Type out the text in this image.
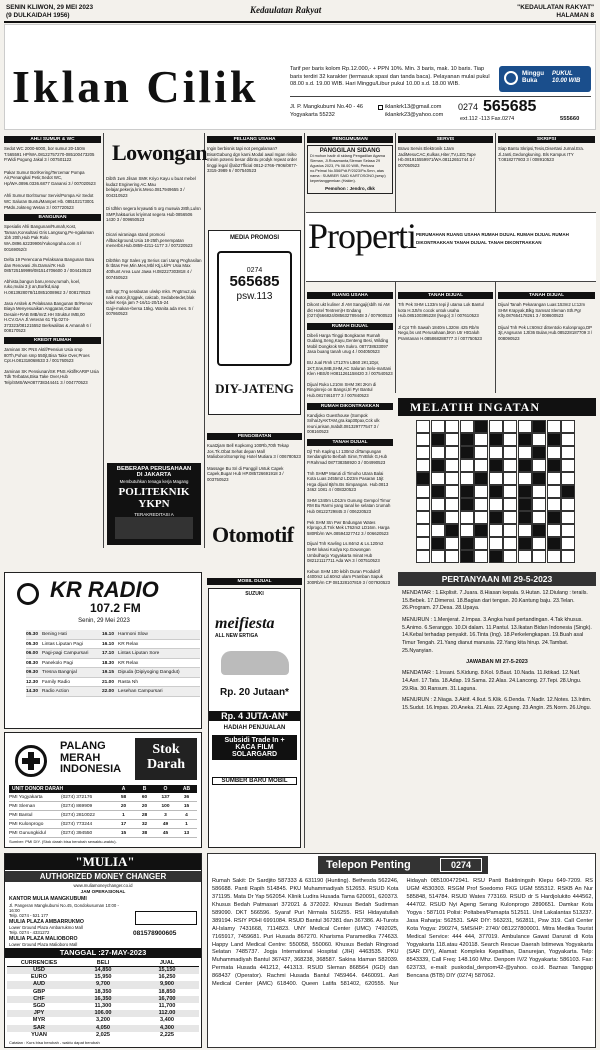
SENIN KLIWON, 29 MEI 2023
(9 DULKAIDAH 1956)
Kedaulatan Rakyat	"KEDAULATAN RAKYAT"
HALAMAN 8
Iklan Cilik	Tarif per baris kolom Rp.12.000,- + PPN 10%. Min. 3 baris, mak. 10 baris. Tiap baris terdiri 32 karakter (termasuk spasi dan tanda baca). Pelayanan mulai pukul 08.00 s.d. 19.00 WIB. Hari Minggu/Libur pukul 10.00 s.d. 18.00 WIB.
Minggu Buka
PUKUL 10.00 WIB
Jl. P. Mangkubumi No.40 - 46
Yogyakarta 55232
iklankrk13@gmail.com
iklankrk23@yahoo.com
0274 565685
ext.112 -113 Fax.0274	555660
AHLI SUMUR & WC
Sedot WC 2000-6000, bor sumur 20-150m T.565591 HP/WA.08122757270-085100473205 P.Widi Pogung Jakal 3 / 007501122
Pakar Sumur Bor/Kering/Tercemar Pompa Air,Penangkal Petir,Sedot WC, Hp/WA.0896.0336.6877 Ganansi 3 / 007020523
Ahli Sumur Bor/Sumur Servis/Pompa Air Sedot WC Saluran Buntu/Mampet Hb. 085102173001 PMdn.Jokteng Wetan 3 / 007720523
BANGUNAN
Spesialis Ahli Bangunan/Rumah,Kost, Taman,Konsultasi Gris Langsung,Pe-ngalaman 1bh 20th,Hub Pak Rolo WA.0896.62239906/Yukongraha.com 4 / 00169052/3
Delta 19 Perencana Pelaksana Bangunan Baru dan Renovasi Jln.Damai7K Hub 085725159999/081514706600 3 / 004410523
Abhista,bangun baru,renov,rumah, koel, ruko,mulai 3 jt an,Borlkd,siap H.0813928078/110851008962 3 / 008170523
Jasa Arsitek & Pelaksana Bangunan Br/Renov Biaya Menyesuaikan Anggaran,Gambar Desain+RAB IMB/mrZ.HH Struktur IMB,00 H.CV.GAA Jl.Veteran 61 Tlp.0274-373323/081215552 Berkwalitas & Amanah 6 / 008170523
KREDIT RUMAH
Jaminan SK PNS Aktif/Pensiun Usia smp 80Th,Pohon smp 550jt,Bisa Take Over,Proes Cpt.H.081318068633 3 / 001760523
Jaminan SK Pensiunan/SK PNS Aktif/KARIP Usia Tdk Terbatas,Bisa Take Over,Hub Telp/SMS/WA087738344441 3 / 004770523
Lowongan
Dibth 1wn Jilsan SMK Kriyo Kayu u buat mebel kuda2 Enginering AC.Mau belajar,pekerja,kris.Meso.0817949655 3 / 004310523
Di tdhkn segera kryawati 5 org muswia 28th,Lulsn SMP,hak&urius kriyimat segera Hub 0856506 1430 3 / 009650523
Dicari wiraniaga stand promosi Allbackground,Usia 18-25th,penempatan menerbit.Hub.0859-4211-1177 3 / 007220523
Dibthkn Sgr Sales yg Serius cari Uang Pnghasilan tk tbtas Fee,Min.Mes,Mbl Ktj,Lk/Pr Usia Max 40thunt Area Luar Jawa H.082227303818 4 / 007450523
Bth sgr,Tng serabutan u/wkp mkn. Pngtmu2,siu naik motor,jlr,tggwk, cakcab, Sedabetedet,blak tebel Kerja jam 7-16/11-20/15-24 Gaji+makan+bersa 15kg. Wanita ada mes. 5 / 007860523
BEBERAPA PERUSAHAAN
DI JAKARTA
Membutuhkan tenaga kerja Magang
POLITEKNIK YKPN
TERAKREDITASI A
KR RADIO
107.2 FM
Senin, 29 Mei 2023
05.30 Bening Hati	16.10 Harmoni Slow
05.30 Lintas Liputan Pagi	16.10 KR Relax
06.00 Pagi-pagi Campursari	17.10 Lintas Liputan Sore
08.30 Panekolo Pagi	18.30 KR Relax
09.30 Tresna Bangnjal	19.15 Dipuda (Dipiyoging Dangdut)
12.30 Family Radio	21.00 Rasta Nh
14.30 Radio Action	22.00 Lesehan Campursari
PALANG
MERAH
INDONESIA
Stok Darah
UNIT DONOR DARAH	A	B	O	AB
PMI Yogyakarta	(0274) 372176	58	60	137	36
PMI Sleman	(0274) 869909	20	20	100	15
PMI Bantul	(0274) 2810022	1	28	3	4
PMI Kulonprogo	(0274) 773244	17	32	49	1
PMI Gunungkidul	(0274) 394550	15	38	45	13
Sumber: PMI DIY. (Stok darah bisa berubah sewaktu-waktu).
"MULIA"
AUTHORIZED MONEY CHANGER
www.muliamoneychanger.co.id
JAM OPERASIONAL
KANTOR MULIA MANGKUBUMI
Jl. Pangeran Mangkubumi No.45, Gondokusuman 10:00 - 16:00
Telp. 0274 - 521 177
MULIA PLAZA AMBARRUKMO
Lower Ground Plaza Ambarrukmo Mall
Telp. 0274 - 4331272
MULIA PLAZA MALIOBORO
Lower Ground Plaza Malioboro Mall
081578900605
TANGGAL :27-MAY-2023
CURRENCIES	BELI	JUAL
USD	14,850	15,150
EURO	15,950	16,250
AUD	9,700	9,900
GBP	18,350	18,850
CHF	16,350	16,700
SGD	11,300	11,700
JPY	106.00	112.00
MYR	3,200	3,400
SAR	4,050	4,300
YUAN	2,025	2,225
Catatan : Kurs bisa berubah - waktu dapat berubah
PELUANG USAHA
Ingin berbisnis tapi not pengalaman? Bisa!Gabung dgn kami.Modal awal mgan risiko minim potensi besar dibntu prodyk repeat order tinggi legal @ab27fficial 0812-2766-7906/0877-3315-3989 6 / 007540523
MEDIA PROMOSI
0274
565685
psw.113
DIY-JATENG
PENGOBATAN
Kuat2jam Bell Kopkomg 100Rb,70th Tekap Jos.Tk.Obat Sehat depan Mall Malioboro/Sompring Hotel Mutiara 3 / 006780523
Massage Bu Sri di Panggil Untuk Capek Capek,Bugar Hub HP.085726691918 3 / 003750523
Otomotif
MOBIL DIJUAL
SUZUKI
meifiesta
ALL NEW ERTIGA
Rp. 20 Jutaan*
Rp. 4 JUTA-AN*
HADIAH PENJUALAN
Subsidi Trade In + KACA FILM SOLARGARD
SUMBER BARU MOBIL
PENGUMUMAN
PANGGILAN SIDANG
Di mohon hadir di sidang Pengadilan Agama Sleman, Jl.Rosamanta,Sleman Selasa 29 Agustus 2023, Pk 08.00 WIB, Perkara no.Pelmai No.556/Pdt.P/2023/Pa.Smn, atas nama : SUMBER SAID KARTOSONO,(sesp) kepertanggemkan (Hakim).
Pemohon : Jendro, dkk
Properti PERUMAHAN RUANG USAHA RUMAH DIJUAL RUMAH DIJUAL RUMAH DIKONTRAKKAN TANAH DIJUAL TANAH DIKONTRAKKAN
RUANG USAHA
Dikont ukt kuliner Jl AM Sangaji(sblh rsi AM dkt Hotel Tentrem)H Endang (0274)566824/085632789448 3 / 007900523
RUMAH DIJUAL
Dibeli Harga Tinggi Bongkaran Rumah Gudang,Seng,Kayu,Genteng Besi, Wilding Mobil Dongkrok WA Sukro. 087738633097 Jasa buang tanah urug 4 / 004050523
BU Jual Rmh LT127m LB60 2Kt,1Dpr, 1KT,Srw,IMB,SHM,AC Saluran Selo-martani Klen HBS/0 H0811261158420 3 / 007540523
Dijual Ruko L210m SHM 3Kt 2Km di Ringinrejo on Bangsi,tri Pyr Bantul Hub.0817461077 3 / 007840523
RUMAH DIKONTRAKKAN
Kandjoko Guesthouse (Sompok Sriha/JyAKTAM,gra.kap30pax,Cck ulk reuni,arisan,Inabdt.081329777547 3 / 008160523
TANAH DIJUAL
Djl Tnh Kaplng Lt 130m2 diTampungan Sendangtirto Berbah Simn,TnrBlok G,Hub P.Rahmad 087738358920 3 / 004990523
Tnh SHMP Maruti di Timoho Utara Balai Kota Luas 2455m2 LD23m Pasaran 15jt Hrga dijual 8jt/m.Bs Simpangan. Hub.0813 3462 1081 4 / 008320523
SHM 1340m LD12m Gunung Gempol Timur RM Bu Rarmi yang tanal ke selatan 1rumah Hub 08122729845 3 / 006220523
Pek SHM Stn Pwr Bndungan Wates Klprogo,Jl.Tnk Mek LT62m2 LD16m. Harga 580Rb/m WA.08594327742 3 / 006620523
Dijual Tnh Kavling Ls.84m2 & Ls.120m2 SHM lokasi Kodya Kp.Gowongan Umbulharjo Yogyakarta minat Hub 082121117711 Ada WA 3 / 007510523
Kebun SHM 100 lebih Duran Produktif 4400m2 Ld.60m2 ulam Pramban Sapuk 300Rb/m CP 081328107819 3 / 007920523
SERVIS
Bravo Servis Elektronik 1Jam JadiMesuCAC,Kulkas,Hiter,TV,LED,Tape Hb.081915559971/WA.08112651744 3 / 007050523
TANAH DIJUAL
Trh Pek SHM L133m tepi jl utama Lok Bantul kota H.3Jt/m cocok untuk usaha Hub.085100395228 (Nego) 3 / 007610523
Jl Cpt Trh Sawah 1840m L320m 425 Rb/m Nego,bs unt Perusahaan,bKm Utr HtGaluh Pramtanan H.085868288777 3 / 007750523
SKRIPSI
Siap Bantu Skripsi,Tesis,Disertasi Jurnal.Era. Jl.Janti,Gedongkuning. Bls Kampus ITY T.0818277803 3 / 008910523
TANAH DIJUAL
Dijual Tanah Pekarangan Luas:153m2 Lt:12m SHM Krapyak,Blkg Samsat Sleman Sth.Pgr Klty.087654178261 3 / 008600523
Dijual Tnh Pek Lt:60m2 diSentolo Kulonprogo,DP 3jt,Angsuran 1Jt/36 Bulan,Hub.085228187709 3 / 008090523
MELATIH INGATAN
PERTANYAAN MI 29-5-2023
MENDATAR : 1.Ekplisit. 7.Juara. 8.Hiasan kepala. 9.Hutan. 12.Diulang : terails. 15.Bebek. 17.Dimensi. 18.Bagian dari tengan. 20.Kantung baju. 23.Telan. 26.Program. 27.Desa. 28.Upaya.
MENURUN : 1.Menjerat. 2.Impas. 3.Angka hasil pertandingan. 4.Tak khusus. 5.Animo. 6.Seranggo. 10.Di dalam. 11.Pantul. 13.Ikatan Bidan Indonesia (Singk). 14.Kebal terhadap penyakit. 16.Tinta (Ing). 18.Perkelengkapan. 19.Buah asal Timur Tengah. 21.Yang dianut manusia. 22.Yang kita hirup. 24.Tambat. 25.Nyanyian.
JAWABAN MI 27-5-2023
MENDATAR : 1.Insani. 5.Kidung. 8.Kol. 9.Baut. 10.Nada. 11.Iktikad. 12.Naif. 14.Asri. 17.Tata. 18.Adap. 19.Sama. 22.Alas. 24.Lancong. 27.Tepi. 28.Ungu. 29.Ria. 30.Ransum. 31.Laguna.
MENURUN : 2.Niaga. 3.Aktif. 4.Ikut. 5.Klik. 6.Denda. 7.Nadir. 12.Notes. 13.Intim. 15.Sudut. 16.Impas. 20.Aneka. 21.Alas. 22.Agung. 23.Angin. 25.Norm. 26.Ungu.
Telepon Penting	0274
Rumah Sakit: Dr Sardjito 587333 & 631190 (Hunting). Bethesda 562246, 586688. Panti Rapih 514845. PKU Muhammadiyah 512653. RSUD Kota 371195. Mata Dr Yap 562054. Klinik Ludira Husada Tama 620091, 620373. Khusus Bedah Patmasari 372021 & 372022. Khusus Bedah Sudirman 589090. DKT 566596. Syaraf Puri Nirmala 516255. RSI Hidayatullah 389194. RSIY PDHI 6991084. RSUD Bantul 367381 dan 367386. Al-Turots Al-Islamy 7431668, 7114823. UNY Medical Center (UMC) 7492025, 7165917, 7459681. Puri Husada 867270. Kharisma Paramedika 774633. Happy Land Medical Centre: 550058, 550060. Khusus Bedah Ringroad Selatan 7485737. Jogja International Hospital (JIH) 4463535. PKU Muhammadiyah Bantul 367437, 368238, 368587. Sakina Idaman 582039. Permata Husada 441212, 441313. RSUD Sleman 868564 (IGD) dan 868437 (Operator). Rachmi Husada Bantul 7459464. 6460091. Asri Medical Center (AMC) 618400. Queen Latifa 581402, 620555. Nur Hidayah 085100472941. RSU Panti Baktiningsih Klepu 649-7209. RS UGM 4530303. RSGM Prof Soedomo FKG UGM 555312. RSKB An Nur 585848, 514784. RSUD Wates 773169. RSUD dr S Hardjolukito 444562, 444702. RSUD Nyi Ageng Serang Kulonprogo 2890651. Damkar Kota Yogya : 587101 Polisi: Poltabes/Pamapta 512511. Unit Lakalantas 513237. Jasa Raharja: 562531. SAR DIY: 563231, 562811, Psw 319. Call Center Kota Yogya: 290274, SMS/HP: 2740/ 081227800001. Mitra Medika Tourist Medical Service: 444 444, 377019. Ambulance Gawat Darurat di Kota Yogyakarta 118.atau 420118. Search Rescue Daerah Istimewa Yogyakarta (SAR DIY), Alamat: Kompleks Kepatihan, Danurejan, Yogyakarta. Telp: 8543339, Call Freq: 148.160 Mhz. Denpom IV/2 Yogyakarta: 586103. Fax: 623733, e-mail: puskodal_denpom42-@yahoo. co.id. Baznas Tanggap Bencana (BTB) DIY (0274) 587062.
